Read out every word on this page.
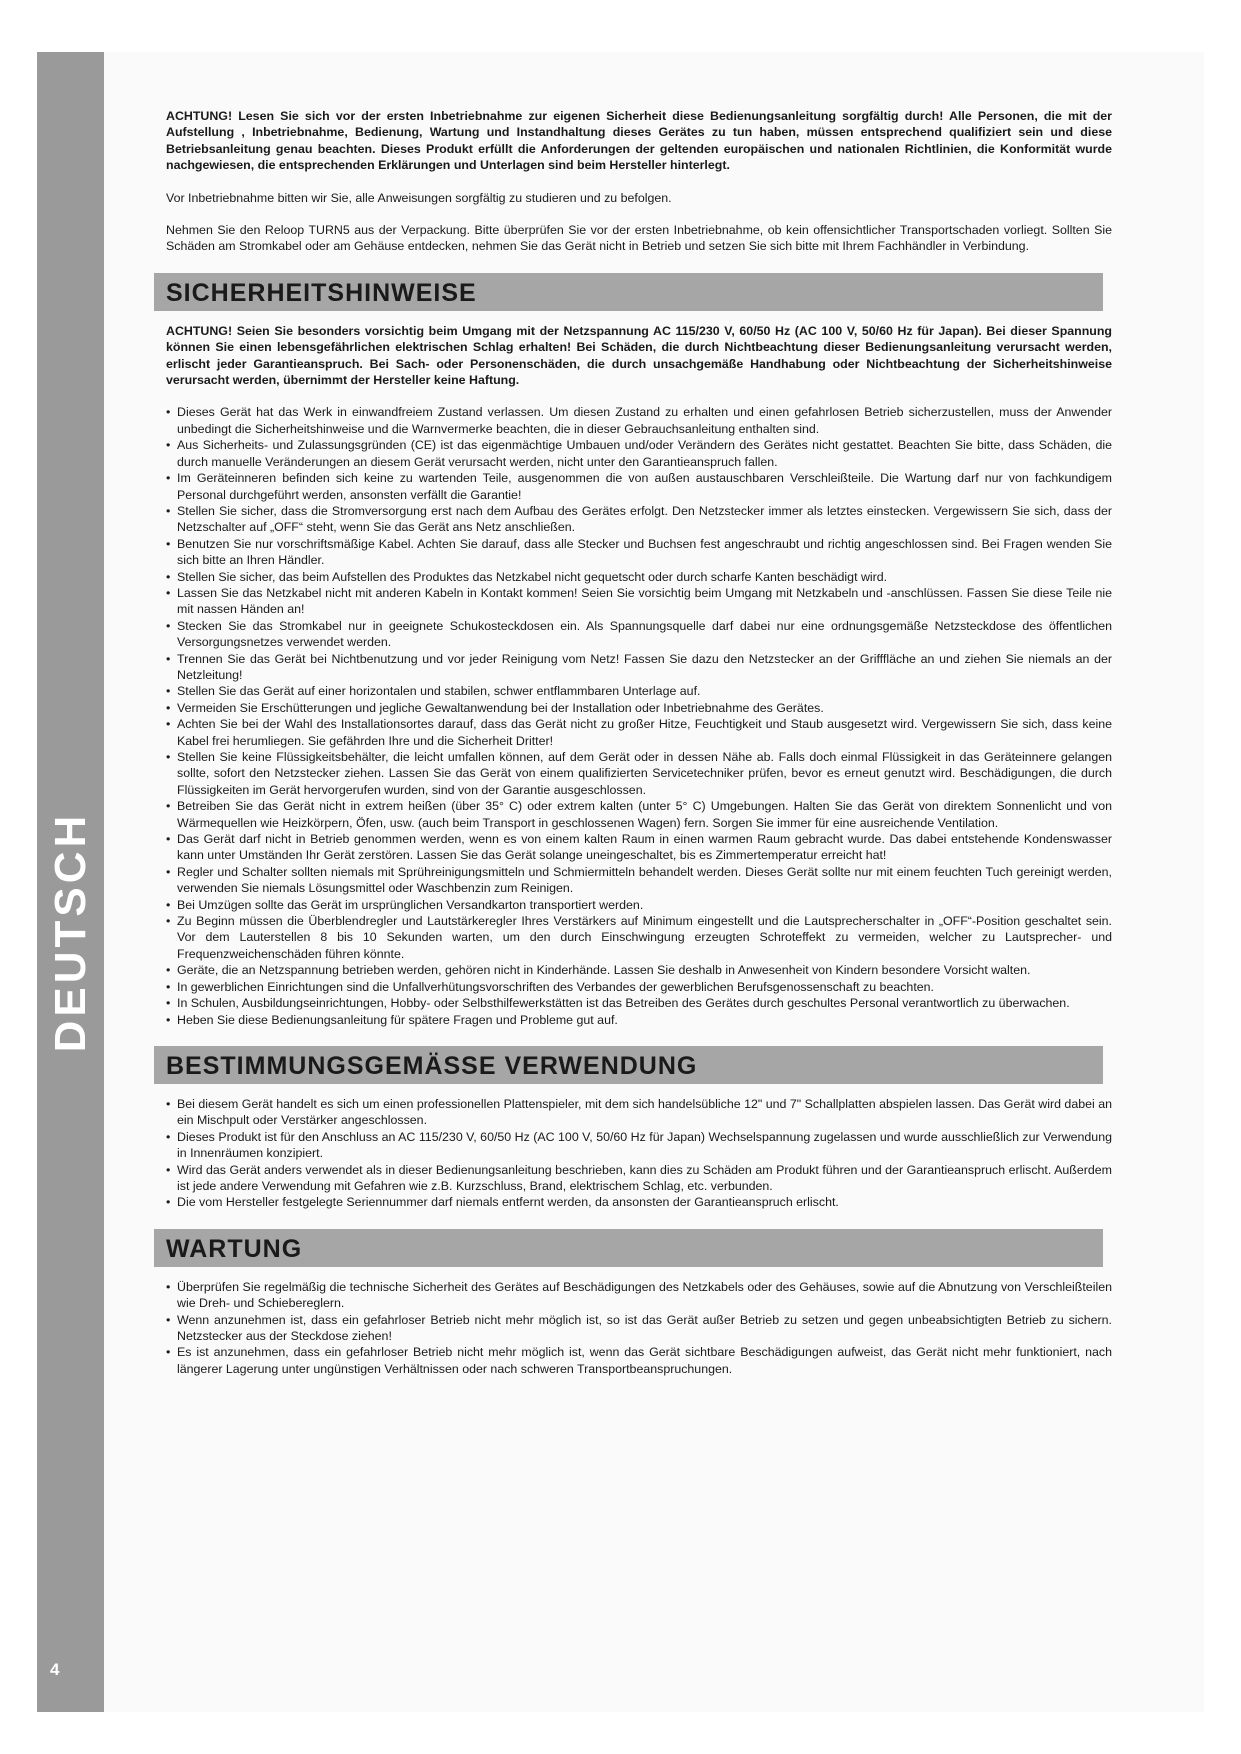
DEUTSCH
4

ACHTUNG! Lesen Sie sich vor der ersten Inbetriebnahme zur eigenen Sicherheit diese Bedienungsanleitung sorgfältig durch! Alle Personen, die mit der Aufstellung , Inbetriebnahme, Bedienung, Wartung und Instandhaltung dieses Gerätes zu tun haben, müssen entsprechend qualifiziert sein und diese Betriebsanleitung genau beachten. Dieses Produkt erfüllt die Anforderungen der geltenden europäischen und nationalen Richtlinien, die Konformität wurde nachgewiesen, die entsprechenden Erklärungen und Unterlagen sind beim Hersteller hinterlegt.

Vor Inbetriebnahme bitten wir Sie, alle Anweisungen sorgfältig zu studieren und zu befolgen.

Nehmen Sie den Reloop TURN5 aus der Verpackung. Bitte überprüfen Sie vor der ersten Inbetriebnahme, ob kein offensichtlicher Transportschaden vorliegt. Sollten Sie Schäden am Stromkabel oder am Gehäuse entdecken, nehmen Sie das Gerät nicht in Betrieb und setzen Sie sich bitte mit Ihrem Fachhändler in Verbindung.

SICHERHEITSHINWEISE

ACHTUNG! Seien Sie besonders vorsichtig beim Umgang mit der Netzspannung AC 115/230 V, 60/50 Hz (AC 100 V, 50/60 Hz für Japan). Bei dieser Spannung können Sie einen lebensgefährlichen elektrischen Schlag erhalten! Bei Schäden, die durch Nichtbeachtung dieser Bedienungsanleitung verursacht werden, erlischt jeder Garantieanspruch. Bei Sach- oder Personenschäden, die durch unsachgemäße Handhabung oder Nichtbeachtung der Sicherheitshinweise verursacht werden, übernimmt der Hersteller keine Haftung.

• Dieses Gerät hat das Werk in einwandfreiem Zustand verlassen. Um diesen Zustand zu erhalten und einen gefahrlosen Betrieb sicherzustellen, muss der Anwender unbedingt die Sicherheitshinweise und die Warnvermerke beachten, die in dieser Gebrauchsanleitung enthalten sind.
• Aus Sicherheits- und Zulassungsgründen (CE) ist das eigenmächtige Umbauen und/oder Verändern des Gerätes nicht gestattet. Beachten Sie bitte, dass Schäden, die durch manuelle Veränderungen an diesem Gerät verursacht werden, nicht unter den Garantieanspruch fallen.
• Im Geräteinneren befinden sich keine zu wartenden Teile, ausgenommen die von außen austauschbaren Verschleißteile. Die Wartung darf nur von fachkundigem Personal durchgeführt werden, ansonsten verfällt die Garantie!
• Stellen Sie sicher, dass die Stromversorgung erst nach dem Aufbau des Gerätes erfolgt. Den Netzstecker immer als letztes einstecken. Vergewissern Sie sich, dass der Netzschalter auf „OFF“ steht, wenn Sie das Gerät ans Netz anschließen.
• Benutzen Sie nur vorschriftsmäßige Kabel. Achten Sie darauf, dass alle Stecker und Buchsen fest angeschraubt und richtig angeschlossen sind. Bei Fragen wenden Sie sich bitte an Ihren Händler.
• Stellen Sie sicher, das beim Aufstellen des Produktes das Netzkabel nicht gequetscht oder durch scharfe Kanten beschädigt wird.
• Lassen Sie das Netzkabel nicht mit anderen Kabeln in Kontakt kommen! Seien Sie vorsichtig beim Umgang mit Netzkabeln und -anschlüssen. Fassen Sie diese Teile nie mit nassen Händen an!
• Stecken Sie das Stromkabel nur in geeignete Schukosteckdosen ein. Als Spannungsquelle darf dabei nur eine ordnungsgemäße Netzsteckdose des öffentlichen Versorgungsnetzes verwendet werden.
• Trennen Sie das Gerät bei Nichtbenutzung und vor jeder Reinigung vom Netz! Fassen Sie dazu den Netzstecker an der Grifffläche an und ziehen Sie niemals an der Netzleitung!
• Stellen Sie das Gerät auf einer horizontalen und stabilen, schwer entflammbaren Unterlage auf.
• Vermeiden Sie Erschütterungen und jegliche Gewaltanwendung bei der Installation oder Inbetriebnahme des Gerätes.
• Achten Sie bei der Wahl des Installationsortes darauf, dass das Gerät nicht zu großer Hitze, Feuchtigkeit und Staub ausgesetzt wird. Vergewissern Sie sich, dass keine Kabel frei herumliegen. Sie gefährden Ihre und die Sicherheit Dritter!
• Stellen Sie keine Flüssigkeitsbehälter, die leicht umfallen können, auf dem Gerät oder in dessen Nähe ab. Falls doch einmal Flüssigkeit in das Geräteinnere gelangen sollte, sofort den Netzstecker ziehen. Lassen Sie das Gerät von einem qualifizierten Servicetechniker prüfen, bevor es erneut genutzt wird. Beschädigungen, die durch Flüssigkeiten im Gerät hervorgerufen wurden, sind von der Garantie ausgeschlossen.
• Betreiben Sie das Gerät nicht in extrem heißen (über 35° C) oder extrem kalten (unter 5° C) Umgebungen. Halten Sie das Gerät von direktem Sonnenlicht und von Wärmequellen wie Heizkörpern, Öfen, usw. (auch beim Transport in geschlossenen Wagen) fern. Sorgen Sie immer für eine ausreichende Ventilation.
• Das Gerät darf nicht in Betrieb genommen werden, wenn es von einem kalten Raum in einen warmen Raum gebracht wurde. Das dabei entstehende Kondenswasser kann unter Umständen Ihr Gerät zerstören. Lassen Sie das Gerät solange uneingeschaltet, bis es Zimmertemperatur erreicht hat!
• Regler und Schalter sollten niemals mit Sprühreinigungsmitteln und Schmiermitteln behandelt werden. Dieses Gerät sollte nur mit einem feuchten Tuch gereinigt werden, verwenden Sie niemals Lösungsmittel oder Waschbenzin zum Reinigen.
• Bei Umzügen sollte das Gerät im ursprünglichen Versandkarton transportiert werden.
• Zu Beginn müssen die Überblendregler und Lautstärkeregler Ihres Verstärkers auf Minimum eingestellt und die Lautsprecherschalter in „OFF“-Position geschaltet sein. Vor dem Lauterstellen 8 bis 10 Sekunden warten, um den durch Einschwingung erzeugten Schroteffekt zu vermeiden, welcher zu Lautsprecher- und Frequenzweichenschäden führen könnte.
• Geräte, die an Netzspannung betrieben werden, gehören nicht in Kinderhände. Lassen Sie deshalb in Anwesenheit von Kindern besondere Vorsicht walten.
• In gewerblichen Einrichtungen sind die Unfallverhütungsvorschriften des Verbandes der gewerblichen Berufsgenossenschaft zu beachten.
• In Schulen, Ausbildungseinrichtungen, Hobby- oder Selbsthilfewerkstätten ist das Betreiben des Gerätes durch geschultes Personal verantwortlich zu überwachen.
• Heben Sie diese Bedienungsanleitung für spätere Fragen und Probleme gut auf.
BESTIMMUNGSGEMÄSSE VERWENDUNG
• Bei diesem Gerät handelt es sich um einen professionellen Plattenspieler, mit dem sich handelsübliche 12" und 7" Schallplatten abspielen lassen. Das Gerät wird dabei an ein Mischpult oder Verstärker angeschlossen.
• Dieses Produkt ist für den Anschluss an AC 115/230 V, 60/50 Hz (AC 100 V, 50/60 Hz für Japan) Wechselspannung zugelassen und wurde ausschließlich zur Verwendung in Innenräumen konzipiert.
• Wird das Gerät anders verwendet als in dieser Bedienungsanleitung beschrieben, kann dies zu Schäden am Produkt führen und der Garantieanspruch erlischt. Außerdem ist jede andere Verwendung mit Gefahren wie z.B. Kurzschluss, Brand, elektrischem Schlag, etc. verbunden.
• Die vom Hersteller festgelegte Seriennummer darf niemals entfernt werden, da ansonsten der Garantieanspruch erlischt.
WARTUNG
• Überprüfen Sie regelmäßig die technische Sicherheit des Gerätes auf Beschädigungen des Netzkabels oder des Gehäuses, sowie auf die Abnutzung von Verschleißteilen wie Dreh- und Schiebereglern.
• Wenn anzunehmen ist, dass ein gefahrloser Betrieb nicht mehr möglich ist, so ist das Gerät außer Betrieb zu setzen und gegen unbeabsichtigten Betrieb zu sichern. Netzstecker aus der Steckdose ziehen!
• Es ist anzunehmen, dass ein gefahrloser Betrieb nicht mehr möglich ist, wenn das Gerät sichtbare Beschädigungen aufweist, das Gerät nicht mehr funktioniert, nach längerer Lagerung unter ungünstigen Verhältnissen oder nach schweren Transportbeanspruchungen.
